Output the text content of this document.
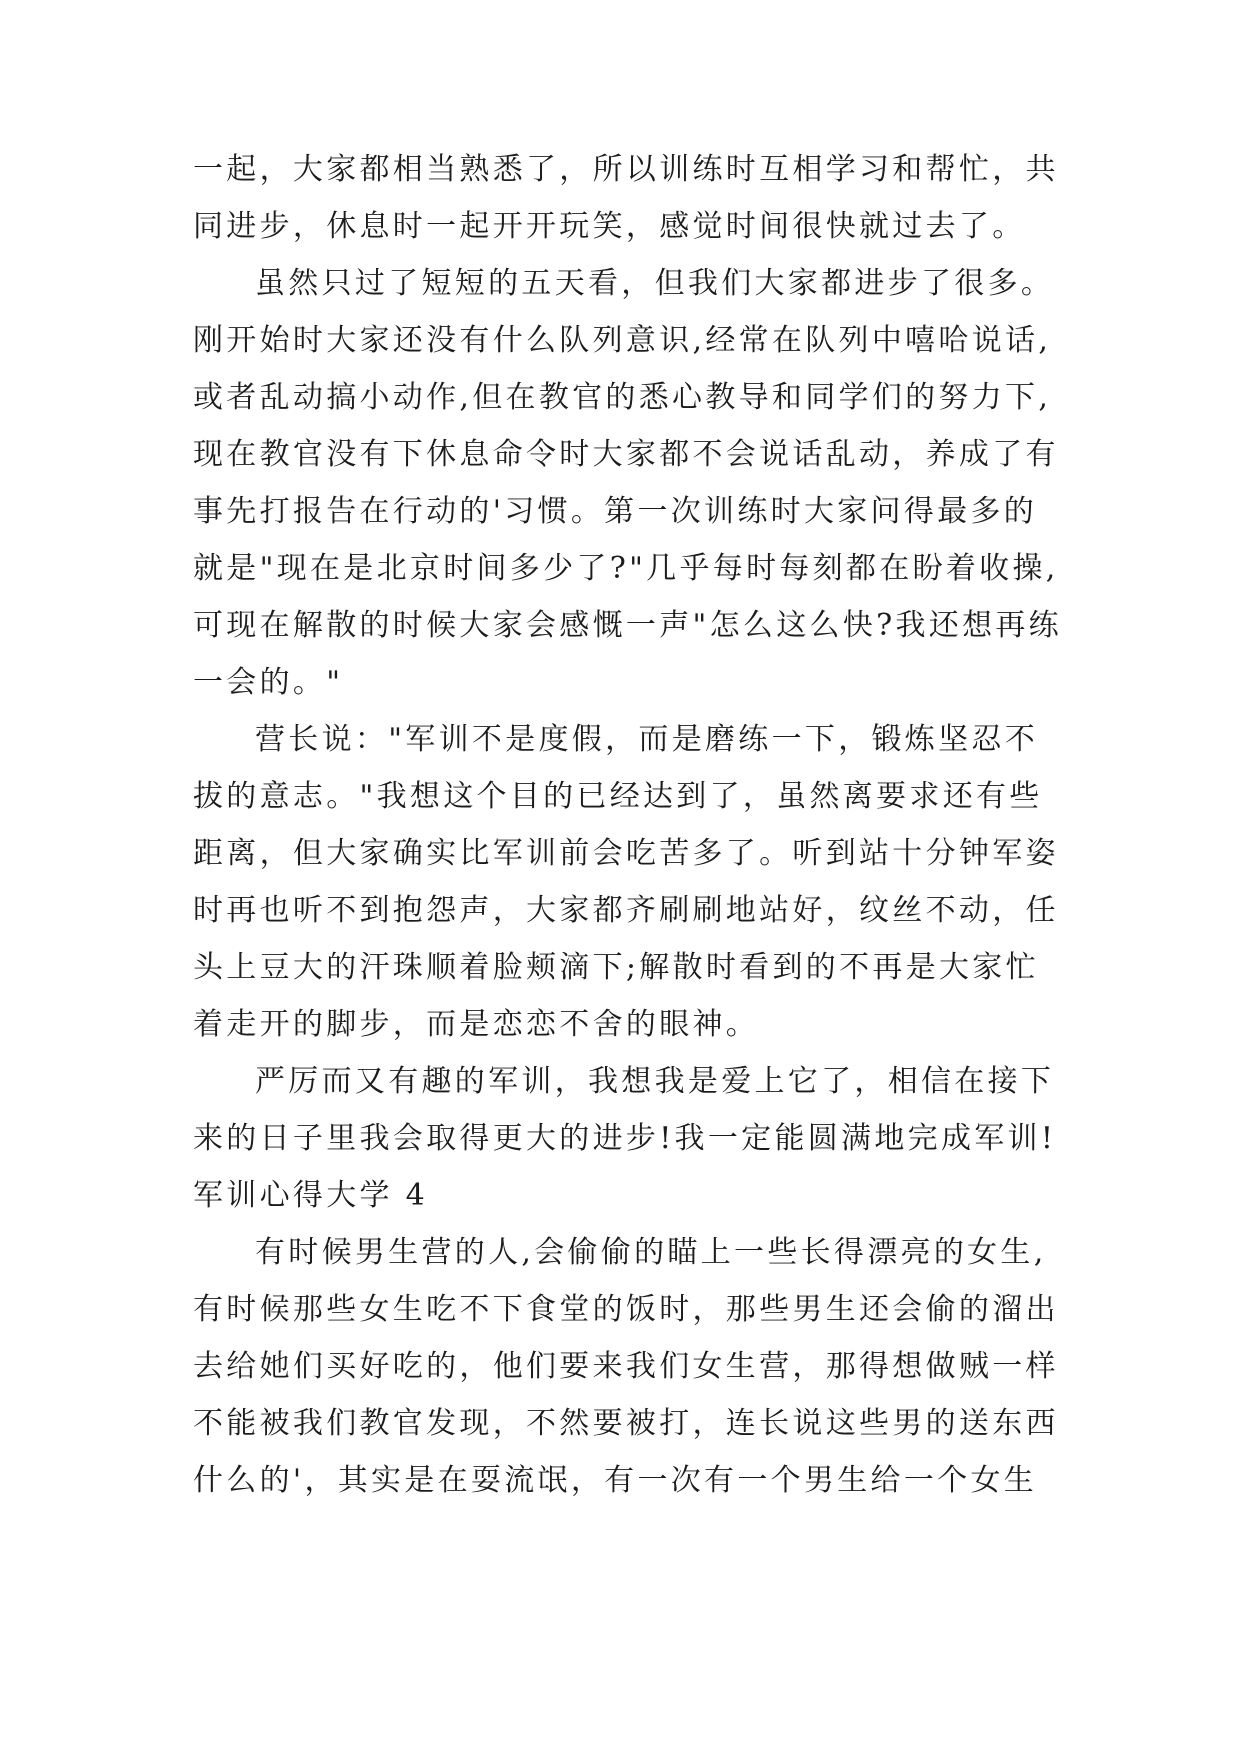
一起，大家都相当熟悉了，所以训练时互相学习和帮忙，共
同进步，休息时一起开开玩笑，感觉时间很快就过去了。
虽然只过了短短的五天看，但我们大家都进步了很多。
刚开始时大家还没有什么队列意识,经常在队列中嘻哈说话,
或者乱动搞小动作,但在教官的悉心教导和同学们的努力下,
现在教官没有下休息命令时大家都不会说话乱动，养成了有
事先打报告在行动的'习惯。第一次训练时大家问得最多的
就是"现在是北京时间多少了?"几乎每时每刻都在盼着收操,
可现在解散的时候大家会感慨一声"怎么这么快?我还想再练
一会的。"
营长说："军训不是度假，而是磨练一下，锻炼坚忍不
拔的意志。"我想这个目的已经达到了，虽然离要求还有些
距离，但大家确实比军训前会吃苦多了。听到站十分钟军姿
时再也听不到抱怨声，大家都齐刷刷地站好，纹丝不动，任
头上豆大的汗珠顺着脸颊滴下;解散时看到的不再是大家忙
着走开的脚步，而是恋恋不舍的眼神。
严厉而又有趣的军训，我想我是爱上它了，相信在接下
来的日子里我会取得更大的进步!我一定能圆满地完成军训!
军训心得大学 4
有时候男生营的人,会偷偷的瞄上一些长得漂亮的女生,
有时候那些女生吃不下食堂的饭时，那些男生还会偷的溜出
去给她们买好吃的，他们要来我们女生营，那得想做贼一样
不能被我们教官发现，不然要被打，连长说这些男的送东西
什么的'，其实是在耍流氓，有一次有一个男生给一个女生
